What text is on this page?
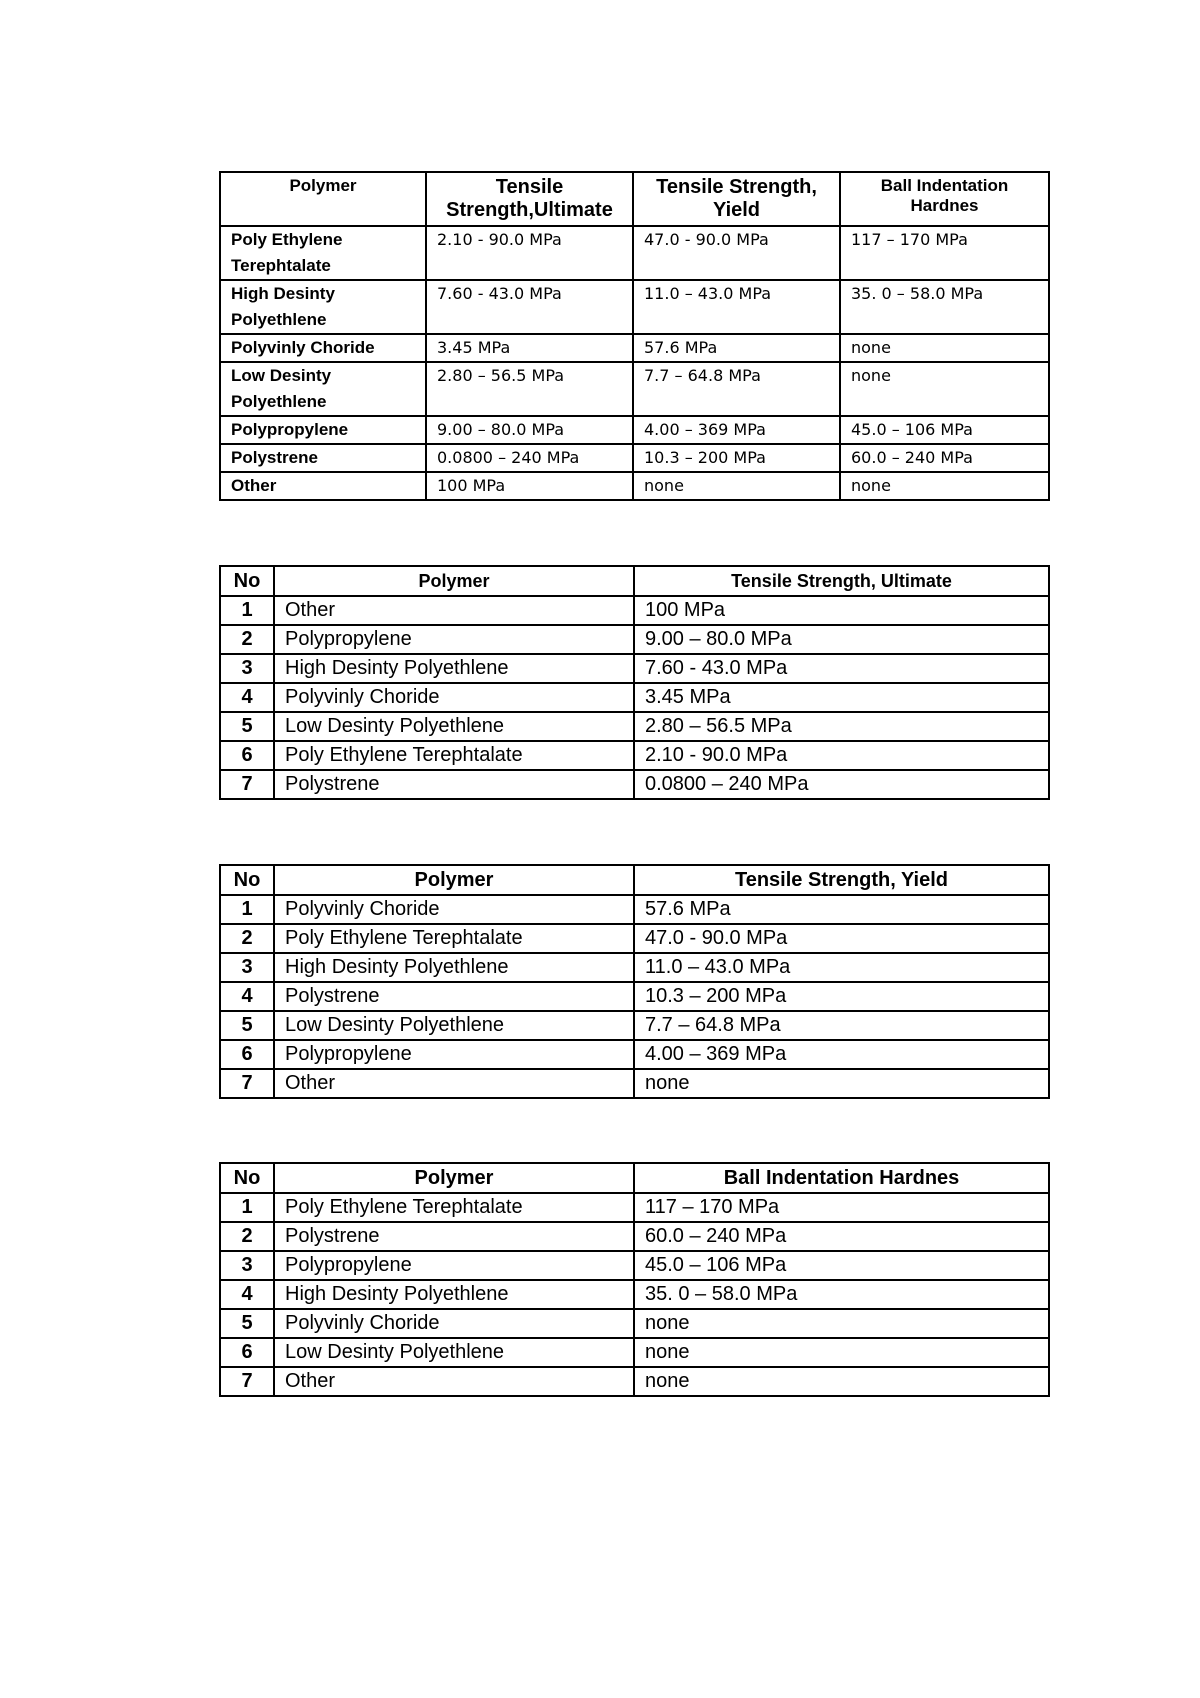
Polymer	Tensile Strength,Ultimate	Tensile Strength, Yield	Ball Indentation Hardnes
Poly Ethylene Terephtalate	2.10 - 90.0 MPa	47.0 - 90.0 MPa	117 – 170 MPa
High Desinty Polyethlene	7.60 - 43.0 MPa	11.0 – 43.0 MPa	35. 0 – 58.0 MPa
Polyvinly Choride	3.45 MPa	57.6 MPa	none
Low Desinty Polyethlene	2.80 – 56.5 MPa	7.7 – 64.8 MPa	none
Polypropylene	9.00 – 80.0 MPa	4.00 – 369 MPa	45.0 – 106 MPa
Polystrene	0.0800 – 240 MPa	10.3 – 200 MPa	60.0 – 240 MPa
Other	100 MPa	none	none
No	Polymer	Tensile Strength, Ultimate
1	Other	100 MPa
2	Polypropylene	9.00 – 80.0 MPa
3	High Desinty Polyethlene	7.60 - 43.0 MPa
4	Polyvinly Choride	3.45 MPa
5	Low Desinty Polyethlene	2.80 – 56.5 MPa
6	Poly Ethylene Terephtalate	2.10 - 90.0 MPa
7	Polystrene	0.0800 – 240 MPa
No	Polymer	Tensile Strength, Yield
1	Polyvinly Choride	57.6 MPa
2	Poly Ethylene Terephtalate	47.0 - 90.0 MPa
3	High Desinty Polyethlene	11.0 – 43.0 MPa
4	Polystrene	10.3 – 200 MPa
5	Low Desinty Polyethlene	7.7 – 64.8 MPa
6	Polypropylene	4.00 – 369 MPa
7	Other	none
No	Polymer	Ball Indentation Hardnes
1	Poly Ethylene Terephtalate	117 – 170 MPa
2	Polystrene	60.0 – 240 MPa
3	Polypropylene	45.0 – 106 MPa
4	High Desinty Polyethlene	35. 0 – 58.0 MPa
5	Polyvinly Choride	none
6	Low Desinty Polyethlene	none
7	Other	none
